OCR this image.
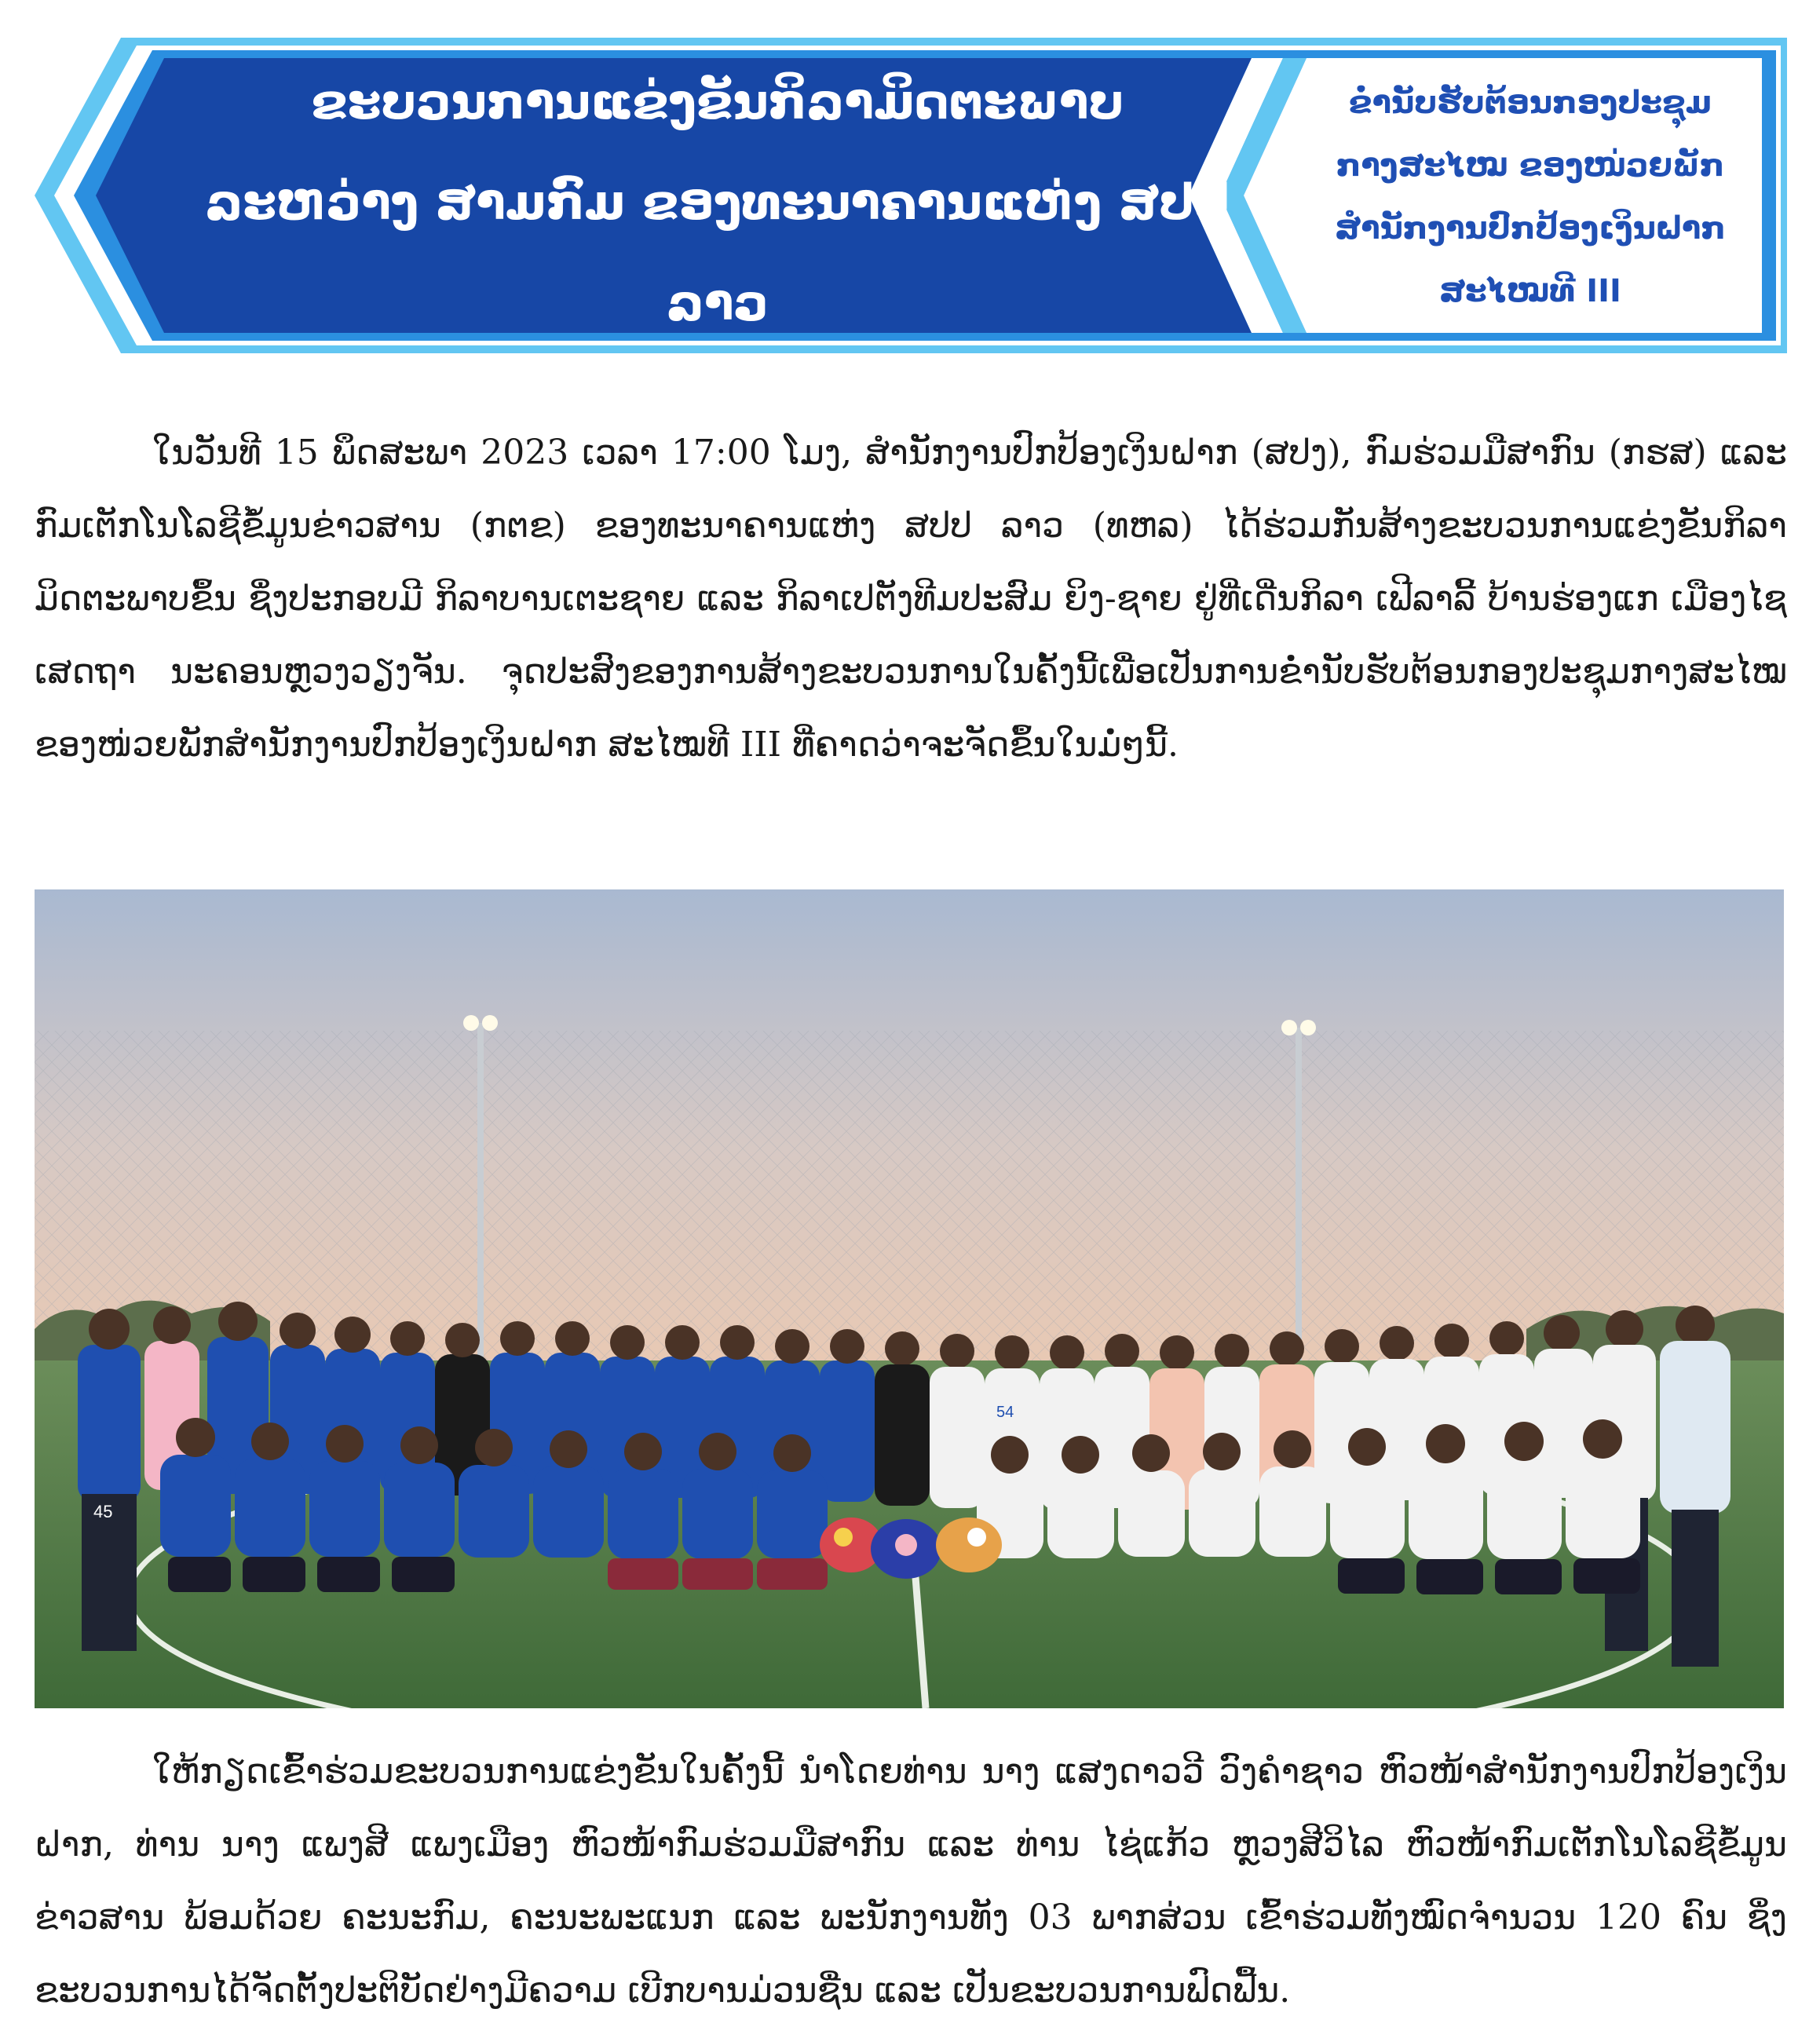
ຂະບວນການແຂ່ງຂັນກິລາມິດຕະພາບ
ລະຫວ່າງ ສາມກົມ ຂອງທະນາຄານແຫ່ງ ສປປ ລາວ
ຂໍ່ານັບຮັບຕ້ອນກອງປະຊຸມ
ກາງສະໄໝ ຂອງໜ່ວຍພັກ
ສຳນັກງານປົກປ້ອງເງິນຝາກ
ສະໄໝທີ III

ໃນວັນທີ 15 ພຶດສະພາ 2023 ເວລາ 17:00 ໂມງ, ສຳນັກງານປົກປ້ອງເງິນຝາກ (ສປງ), ກົມຮ່ວມມືສາກົນ (ກຮສ) ແລະ ກົມເຕັກໂນໂລຊີຂໍ້ມູນຂ່າວສານ (ກຕຂ) ຂອງທະນາຄານແຫ່ງ ສປປ ລາວ (ທຫລ) ໄດ້ຮ່ວມກັນສ້າງຂະບວນການແຂ່ງຂັນກິລາມິດຕະພາບຂຶ້ນ ຊຶ່ງປະກອບມີ ກິລາບານເຕະຊາຍ ແລະ ກິລາເປຕັງທີມປະສົມ ຍິງ-ຊາຍ ຢູ່ທີ່ເດີ່ນກິລາ ເຟີລາລີ້ ບ້ານຮ່ອງແກ ເມືອງໄຊເສດຖາ ນະຄອນຫຼວງວຽງຈັນ. ຈຸດປະສົງຂອງການສ້າງຂະບວນການໃນຄັ້ງນີ້ເພື່ອເປັນການຂໍ່ານັບຮັບຕ້ອນກອງປະຊຸມກາງສະໄໝ ຂອງໜ່ວຍພັກສຳນັກງານປົກປ້ອງເງິນຝາກ ສະໄໝທີ III ທີ່ຄາດວ່າຈະຈັດຂຶ້ນໃນມໍ່ໆນີ້.

45
54

ໃຫ້ກຽດເຂົ້າຮ່ວມຂະບວນການແຂ່ງຂັນໃນຄັ້ງນີ້ ນຳໂດຍທ່ານ ນາງ ແສງດາວວີ ວົງຄຳຊາວ ຫົວໜ້າສຳນັກງານປົກປ້ອງເງິນຝາກ, ທ່ານ ນາງ ແພງສີ ແພງເມືອງ ຫົວໜ້າກົມຮ່ວມມືສາກົນ ແລະ ທ່ານ ໄຊ່ແກ້ວ ຫຼວງສີວິໄລ ຫົວໜ້າກົມເຕັກໂນໂລຊີຂໍ້ມູນຂ່າວສານ ພ້ອມດ້ວຍ ຄະນະກົມ, ຄະນະພະແນກ ແລະ ພະນັກງານທັງ 03 ພາກສ່ວນ ເຂົ້າຮ່ວມທັງໝົດຈຳນວນ 120 ຄົນ ຊຶ່ງຂະບວນການໄດ້ຈັດຕັ້ງປະຕິບັດຢ່າງມີຄວາມ ເບີກບານມ່ວນຊື່ນ ແລະ ເປັນຂະບວນການຟົດຟື້ນ.
